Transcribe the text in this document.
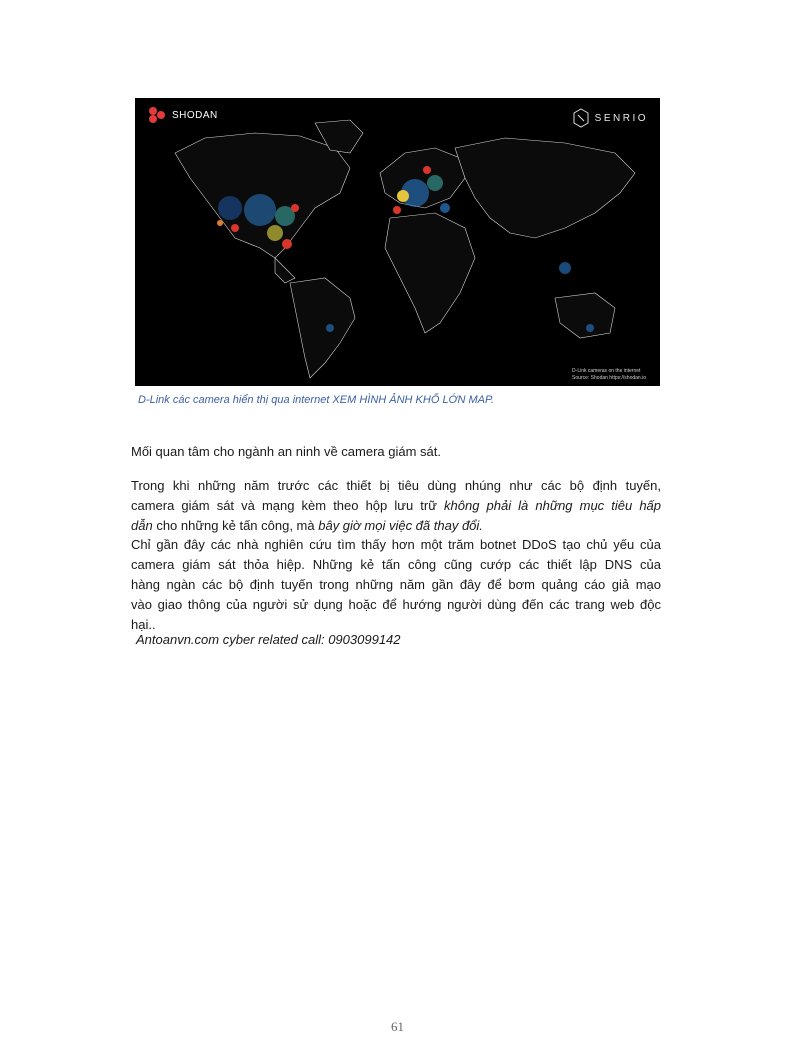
SHODAN	SENRIO
D-Link cameras on the internet
Source: Shodan https://shodan.io
D-Link các camera hiển thị qua internet XEM HÌNH ẢNH KHỔ LỚN MAP.

Mối quan tâm cho ngành an ninh về camera giám sát.

Trong khi những năm trước các thiết bị tiêu dùng nhúng như các bộ định tuyến,
camera giám sát và mạng kèm theo hộp lưu trữ không phải là những mục tiêu hấp
dẫn cho những kẻ tấn công, mà bây giờ mọi việc đã thay đổi.

Chỉ gần đây các nhà nghiên cứu tìm thấy hơn một trăm botnet DDoS tạo chủ yếu của
camera giám sát thỏa hiệp. Những kẻ tấn công cũng cướp các thiết lập DNS của
hàng ngàn các bộ định tuyến trong những năm gần đây để bơm quảng cáo giả mạo
vào giao thông của người sử dụng hoặc để hướng người dùng đến các trang web độc
hại..

Antoanvn.com cyber related call: 0903099142
61
